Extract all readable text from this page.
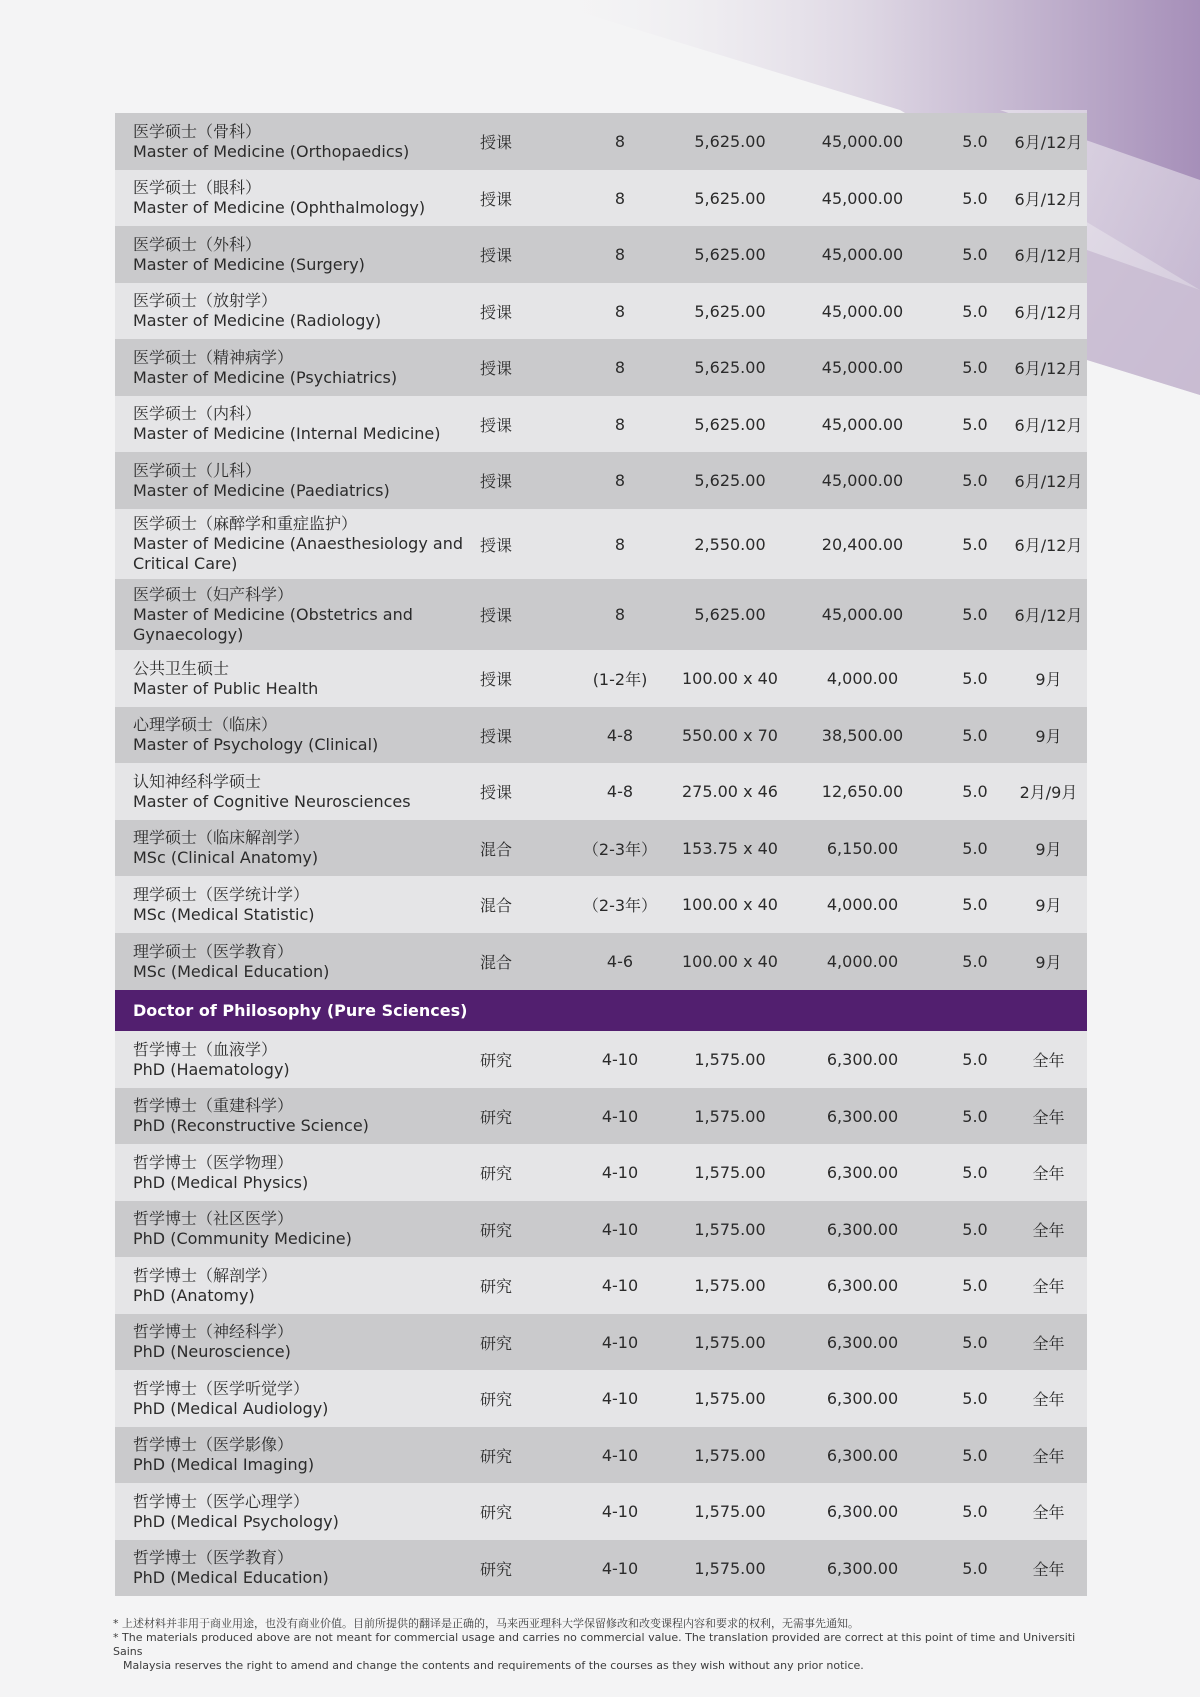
医学硕士（骨科）
Master of Medicine (Orthopaedics)	授课	8	5,625.00	45,000.00	5.0	6月/12月
医学硕士（眼科）
Master of Medicine (Ophthalmology)	授课	8	5,625.00	45,000.00	5.0	6月/12月
医学硕士（外科）
Master of Medicine (Surgery)	授课	8	5,625.00	45,000.00	5.0	6月/12月
医学硕士（放射学）
Master of Medicine (Radiology)	授课	8	5,625.00	45,000.00	5.0	6月/12月
医学硕士（精神病学）
Master of Medicine (Psychiatrics)	授课	8	5,625.00	45,000.00	5.0	6月/12月
医学硕士（内科）
Master of Medicine (Internal Medicine)	授课	8	5,625.00	45,000.00	5.0	6月/12月
医学硕士（儿科）
Master of Medicine (Paediatrics)	授课	8	5,625.00	45,000.00	5.0	6月/12月
医学硕士（麻醉学和重症监护）
Master of Medicine (Anaesthesiology and Critical Care)
授课	8	2,550.00	20,400.00	5.0	6月/12月
医学硕士（妇产科学）
Master of Medicine (Obstetrics and Gynaecology)
授课	8	5,625.00	45,000.00	5.0	6月/12月
公共卫生硕士
Master of Public Health	授课	(1-2年)	100.00 x 40	4,000.00	5.0	9月
心理学硕士（临床）
Master of Psychology (Clinical)	授课	4-8	550.00 x 70	38,500.00	5.0	9月
认知神经科学硕士
Master of Cognitive Neurosciences	授课	4-8	275.00 x 46	12,650.00	5.0	2月/9月
理学硕士（临床解剖学）
MSc (Clinical Anatomy)	混合	（2-3年）	153.75 x 40	6,150.00	5.0	9月
理学硕士（医学统计学）
MSc (Medical Statistic)	混合	（2-3年）	100.00 x 40	4,000.00	5.0	9月
理学硕士（医学教育）
MSc (Medical Education)	混合	4-6	100.00 x 40	4,000.00	5.0	9月
Doctor of Philosophy (Pure Sciences)
哲学博士（血液学）
PhD (Haematology)	研究	4-10	1,575.00	6,300.00	5.0	全年
哲学博士（重建科学）
PhD (Reconstructive Science)	研究	4-10	1,575.00	6,300.00	5.0	全年
哲学博士（医学物理）
PhD (Medical Physics)	研究	4-10	1,575.00	6,300.00	5.0	全年
哲学博士（社区医学）
PhD (Community Medicine)	研究	4-10	1,575.00	6,300.00	5.0	全年
哲学博士（解剖学）
PhD (Anatomy)	研究	4-10	1,575.00	6,300.00	5.0	全年
哲学博士（神经科学）
PhD (Neuroscience)	研究	4-10	1,575.00	6,300.00	5.0	全年
哲学博士（医学听觉学）
PhD (Medical Audiology)	研究	4-10	1,575.00	6,300.00	5.0	全年
哲学博士（医学影像）
PhD (Medical Imaging)	研究	4-10	1,575.00	6,300.00	5.0	全年
哲学博士（医学心理学）
PhD (Medical Psychology)	研究	4-10	1,575.00	6,300.00	5.0	全年
哲学博士（医学教育）
PhD (Medical Education)	研究	4-10	1,575.00	6,300.00	5.0	全年

* 上述材料并非用于商业用途，也没有商业价值。目前所提供的翻译是正确的，马来西亚理科大学保留修改和改变课程内容和要求的权利，无需事先通知。

* The materials produced above are not meant for commercial usage and carries no commercial value. The translation provided are correct at this point of time and Universiti Sains
Malaysia reserves the right to amend and change the contents and requirements of the courses as they wish without any prior notice.
